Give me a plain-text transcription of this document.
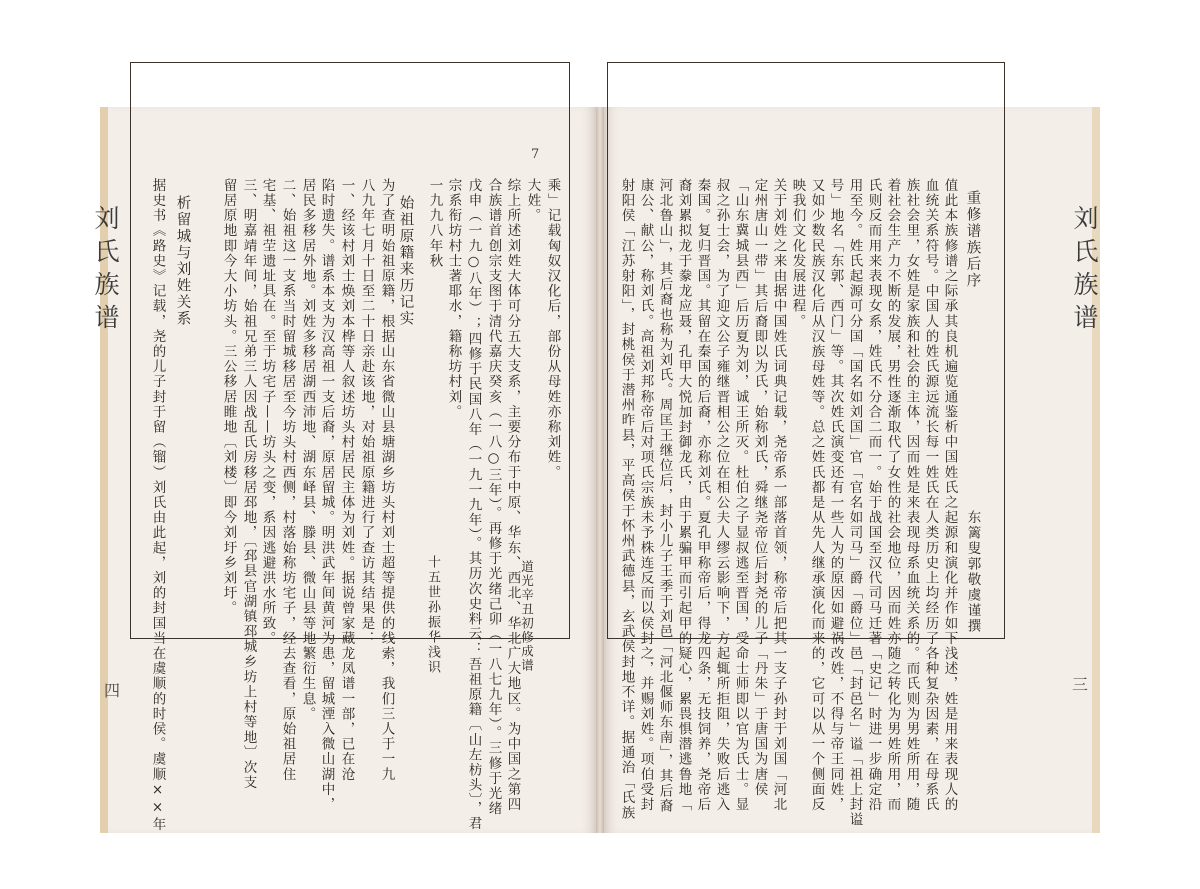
刘氏族谱
四
7
乘」记载匈奴汉化后，部份从母姓亦称刘姓。
大姓。
综上所述刘姓大体可分五大支系，主要分布于中原、华东、西北、华北广大地区。为中国之第四
合族谱首创宗支图于清代嘉庆癸亥（一八○三年）。再修于光绪己卯（一八七九年）。三修于光绪
戊申（一九○八年）；四修于民国八年（一九一九年）。其历次史料云：吾祖原籍〔山左枋头〕，君
宗系衔坊村士著耶水，籍称坊村刘。
一九九八年秋
道光辛丑初修成谱
十五世孙振华浅识
始祖原籍来历记实
为了查明始祖原籍，根据山东省微山县塘湖乡坊头村刘士超等提供的线索，我们三人于一九
八九年七月十日至二十日亲赴该地，对始祖原籍进行了查访其结果是：
一、经该村刘士焕刘本桦等人叙述坊头村居民主体为刘姓。据说曾家藏龙凤谱一部，已在沧
陷时遗失。谱系本支为汉高祖一支后裔，原居留城。明洪武年间黄河为患，留城湮入微山湖中，
居民多移居外地。刘姓多移居湖西沛地、湖东峄县、滕县、微山县等地繁衍生息。
二、始祖这一支系当时留城移居至今坊头村西侧，村落始称坊宅子，经去查看，原始祖居住
宅基、祖茔遗址具在。至于坊宅子——坊头之变，系因逃避洪水所致。
三、明嘉靖年间，始祖兄弟三人因战乱氏房移居邳地，〔邳县官湖镇邳城乡坊上村等地〕次支
留居原地即今大小坊头。三公移居睢地〔刘楼〕即今刘圩乡刘圩。
析留城与刘姓关系
据史书《路史》记载，尧的儿子封于留（镏）刘氏由此起，刘的封国当在虞顺的时侯。虞顺××年	刘氏族谱
三
重修谱族后序
东篱叟郭敬虞谨撰
值此本族修谱之际承其良机遍览通鉴析中国姓氏之起源和演化并作如下浅述，姓是用来表现人的
血统关系符号。中国人的姓氏源远流长每一姓氏在人类历史上均经历了各种复杂因素，在母系氏
族社会里，女姓是家族和社会的主体，因而姓是来表现母系血统关系的。而氏则为男姓所用，随
着社会生产力不断的发展，男性逐渐取代了女性的社会地位，因而姓亦随之转化为男姓所用，而
氏则反而用来表现女系，姓氏不分合二而一。始于战国至汉代司马迁著「史记」时进一步确定沿
用至今。姓氏起源可分国「国名如刘国」官「官名如司马」爵「爵位」邑「封邑名」谥「祖上封谥
号」地名「东郭、西门」等。其次姓氏演变还有一些人为的原因如避祸改姓，不得与帝王同姓，
又如少数民族汉化后从汉族母姓等。总之姓氏都是从先人继承演化而来的，它可以从一个侧面反
映我们文化发展进程。
关于刘姓之来由据中国姓氏词典记载，尧帝系一部落首领，称帝后把其一支子孙封于刘国「河北
定州唐山一带」其后裔即以为氏，始称刘氏，舜继尧帝位后封尧的儿子「丹朱」于唐国为唐侯
「山东冀城县西」后历夏为刘，诚王所灭。杜伯之子显叔逃至晋国，受命士师即以官为氏士。显
叔之孙士会，为了迎文公子雍继晋相公之位在相公夫人缪云影响下，方起辄所拒阻，失败后逃入
秦国。复归晋国。其留在秦国的后裔，亦称刘氏。夏孔甲称帝后，得龙四条，无技饲养，尧帝后
裔刘累拟龙于豢龙应聂，孔甲大悦加封御龙氏，由于累骗甲而引起甲的疑心，累畏惧潜逃鲁地「
河北鲁山」，其后裔也称为刘氏。周匡王继位后，封小儿子王季于刘邑「河北偃师东南」，其后裔
康公、献公，称刘氏。高祖刘邦称帝后对项氏宗族未予株连反而以侯封之，并赐刘姓。项伯受封
射阳侯「江苏射阳」，封桃侯于潜州昨县，平高侯于怀州武德县，玄武侯封地不详。据通治「氏族
